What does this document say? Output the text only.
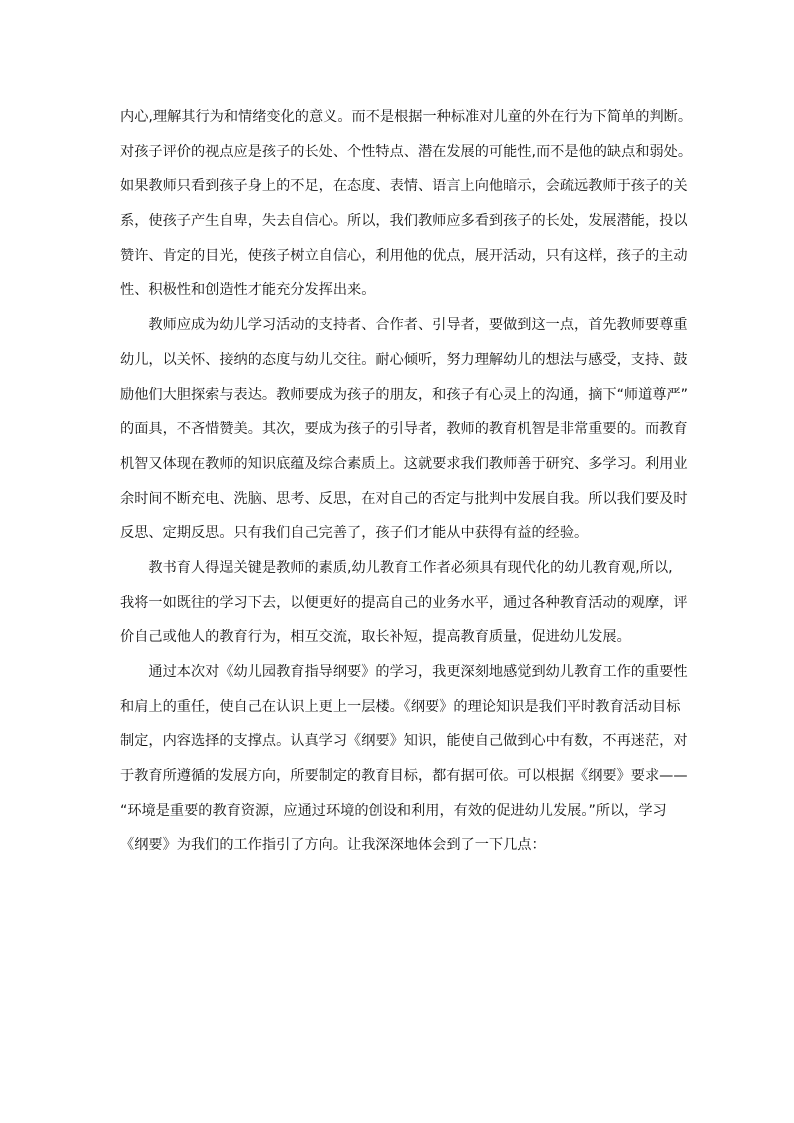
内心,理解其行为和情绪变化的意义。而不是根据一种标准对儿童的外在行为下简单的判断。
对孩子评价的视点应是孩子的长处、个性特点、潜在发展的可能性,而不是他的缺点和弱处。
如果教师只看到孩子身上的不足，在态度、表情、语言上向他暗示，会疏远教师于孩子的关
系，使孩子产生自卑，失去自信心。所以，我们教师应多看到孩子的长处，发展潜能，投以
赞许、肯定的目光，使孩子树立自信心，利用他的优点，展开活动，只有这样，孩子的主动
性、积极性和创造性才能充分发挥出来。
　　教师应成为幼儿学习活动的支持者、合作者、引导者，要做到这一点，首先教师要尊重
幼儿，以关怀、接纳的态度与幼儿交往。耐心倾听，努力理解幼儿的想法与感受，支持、鼓
励他们大胆探索与表达。教师要成为孩子的朋友，和孩子有心灵上的沟通，摘下“师道尊严”
的面具，不吝惜赞美。其次，要成为孩子的引导者，教师的教育机智是非常重要的。而教育
机智又体现在教师的知识底蕴及综合素质上。这就要求我们教师善于研究、多学习。利用业
余时间不断充电、洗脑、思考、反思，在对自己的否定与批判中发展自我。所以我们要及时
反思、定期反思。只有我们自己完善了，孩子们才能从中获得有益的经验。
　　教书育人得逞关键是教师的素质,幼儿教育工作者必须具有现代化的幼儿教育观,所以,
我将一如既往的学习下去，以便更好的提高自己的业务水平，通过各种教育活动的观摩，评
价自己或他人的教育行为，相互交流，取长补短，提高教育质量，促进幼儿发展。
　　通过本次对《幼儿园教育指导纲要》的学习，我更深刻地感觉到幼儿教育工作的重要性
和肩上的重任，使自己在认识上更上一层楼。《纲要》的理论知识是我们平时教育活动目标
制定，内容选择的支撑点。认真学习《纲要》知识，能使自己做到心中有数，不再迷茫，对
于教育所遵循的发展方向，所要制定的教育目标，都有据可依。可以根据《纲要》要求——
“环境是重要的教育资源，应通过环境的创设和利用，有效的促进幼儿发展。”所以，学习
《纲要》为我们的工作指引了方向。让我深深地体会到了一下几点：
